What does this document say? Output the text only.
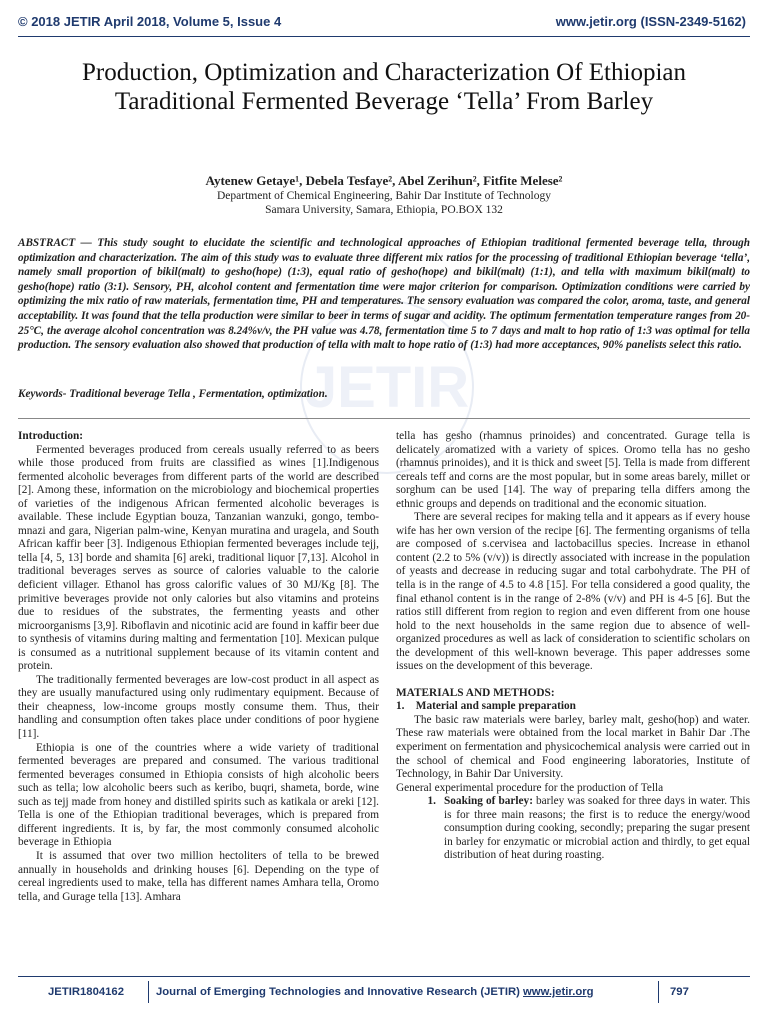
© 2018 JETIR April 2018, Volume 5, Issue 4	www.jetir.org (ISSN-2349-5162)
Production, Optimization and Characterization Of Ethiopian Taraditional Fermented Beverage ‘Tella’ From Barley
Aytenew Getaye¹, Debela Tesfaye², Abel Zerihun², Fitfite Melese²
Department of Chemical Engineering, Bahir Dar Institute of Technology
Samara University, Samara, Ethiopia, PO.BOX 132
JETIR
ABSTRACT — This study sought to elucidate the scientific and technological approaches of Ethiopian traditional fermented beverage tella, through optimization and characterization. The aim of this study was to evaluate three different mix ratios for the processing of traditional Ethiopian beverage ‘tella’, namely small proportion of bikil(malt) to gesho(hope) (1:3), equal ratio of gesho(hope) and bikil(malt) (1:1), and tella with maximum bikil(malt) to gesho(hope) ratio (3:1). Sensory, PH, alcohol content and fermentation time were major criterion for comparison. Optimization conditions were carried by optimizing the mix ratio of raw materials, fermentation time, PH and temperatures. The sensory evaluation was compared the color, aroma, taste, and general acceptability. It was found that the tella production were similar to beer in terms of sugar and acidity. The optimum fermentation temperature ranges from 20-25°C, the average alcohol concentration was 8.24%v/v, the PH value was 4.78, fermentation time 5 to 7 days and malt to hop ratio of 1:3 was optimal for tella production. The sensory evaluation also showed that production of tella with malt to hope ratio of (1:3) had more acceptances, 90% panelists select this ratio.
Keywords- Traditional beverage Tella , Fermentation, optimization.

Introduction:

Fermented beverages produced from cereals usually referred to as beers while those produced from fruits are classified as wines [1].Indigenous fermented alcoholic beverages from different parts of the world are described [2]. Among these, information on the microbiology and biochemical properties of varieties of the indigenous African fermented alcoholic beverages is available. These include Egyptian bouza, Tanzanian wanzuki, gongo, tembo-mnazi and gara, Nigerian palm-wine, Kenyan muratina and uragela, and South African kaffir beer [3]. Indigenous Ethiopian fermented beverages include tejj, tella [4, 5, 13] borde and shamita [6] areki, traditional liquor [7,13]. Alcohol in traditional beverages serves as source of calories valuable to the calorie deficient villager. Ethanol has gross calorific values of 30 MJ/Kg [8]. The primitive beverages provide not only calories but also vitamins and proteins due to residues of the substrates, the fermenting yeasts and other microorganisms [3,9]. Riboflavin and nicotinic acid are found in kaffir beer due to synthesis of vitamins during malting and fermentation [10]. Mexican pulque is consumed as a nutritional supplement because of its vitamin content and protein.

The traditionally fermented beverages are low-cost product in all aspect as they are usually manufactured using only rudimentary equipment. Because of their cheapness, low-income groups mostly consume them. Thus, their handling and consumption often takes place under conditions of poor hygiene [11].

Ethiopia is one of the countries where a wide variety of traditional fermented beverages are prepared and consumed. The various traditional fermented beverages consumed in Ethiopia consists of high alcoholic beers such as tella; low alcoholic beers such as keribo, buqri, shameta, borde, wine such as tejj made from honey and distilled spirits such as katikala or areki [12]. Tella is one of the Ethiopian traditional beverages, which is prepared from different ingredients. It is, by far, the most commonly consumed alcoholic beverage in Ethiopia

It is assumed that over two million hectoliters of tella to be brewed annually in households and drinking houses [6]. Depending on the type of cereal ingredients used to make, tella has different names Amhara tella, Oromo tella, and Gurage tella [13]. Amhara

tella has gesho (rhamnus prinoides) and concentrated. Gurage tella is delicately aromatized with a variety of spices. Oromo tella has no gesho (rhamnus prinoides), and it is thick and sweet [5]. Tella is made from different cereals teff and corns are the most popular, but in some areas barely, millet or sorghum can be used [14]. The way of preparing tella differs among the ethnic groups and depends on traditional and the economic situation.

There are several recipes for making tella and it appears as if every house wife has her own version of the recipe [6]. The fermenting organisms of tella are composed of s.cervisea and lactobacillus species. Increase in ethanol content (2.2 to 5% (v/v)) is directly associated with increase in the population of yeasts and decrease in reducing sugar and total carbohydrate. The PH of tella is in the range of 4.5 to 4.8 [15]. For tella considered a good quality, the final ethanol content is in the range of 2-8% (v/v) and PH is 4-5 [6]. But the ratios still different from region to region and even different from one house hold to the next households in the same region due to absence of well-organized procedures as well as lack of consideration to scientific scholars on the development of this well-known beverage. This paper addresses some issues on the development of this beverage.

MATERIALS AND METHODS:

1. Material and sample preparation

The basic raw materials were barley, barley malt, gesho(hop) and water. These raw materials were obtained from the local market in Bahir Dar .The experiment on fermentation and physicochemical analysis were carried out in the school of chemical and Food engineering laboratories, Institute of Technology, in Bahir Dar University.

General experimental procedure for the production of Tella

1. Soaking of barley: barley was soaked for three days in water. This is for three main reasons; the first is to reduce the energy/wood consumption during cooking, secondly; preparing the sugar present in barley for enzymatic or microbial action and thirdly, to get equal distribution of heat during roasting.
JETIR1804162	Journal of Emerging Technologies and Innovative Research (JETIR) www.jetir.org	797
